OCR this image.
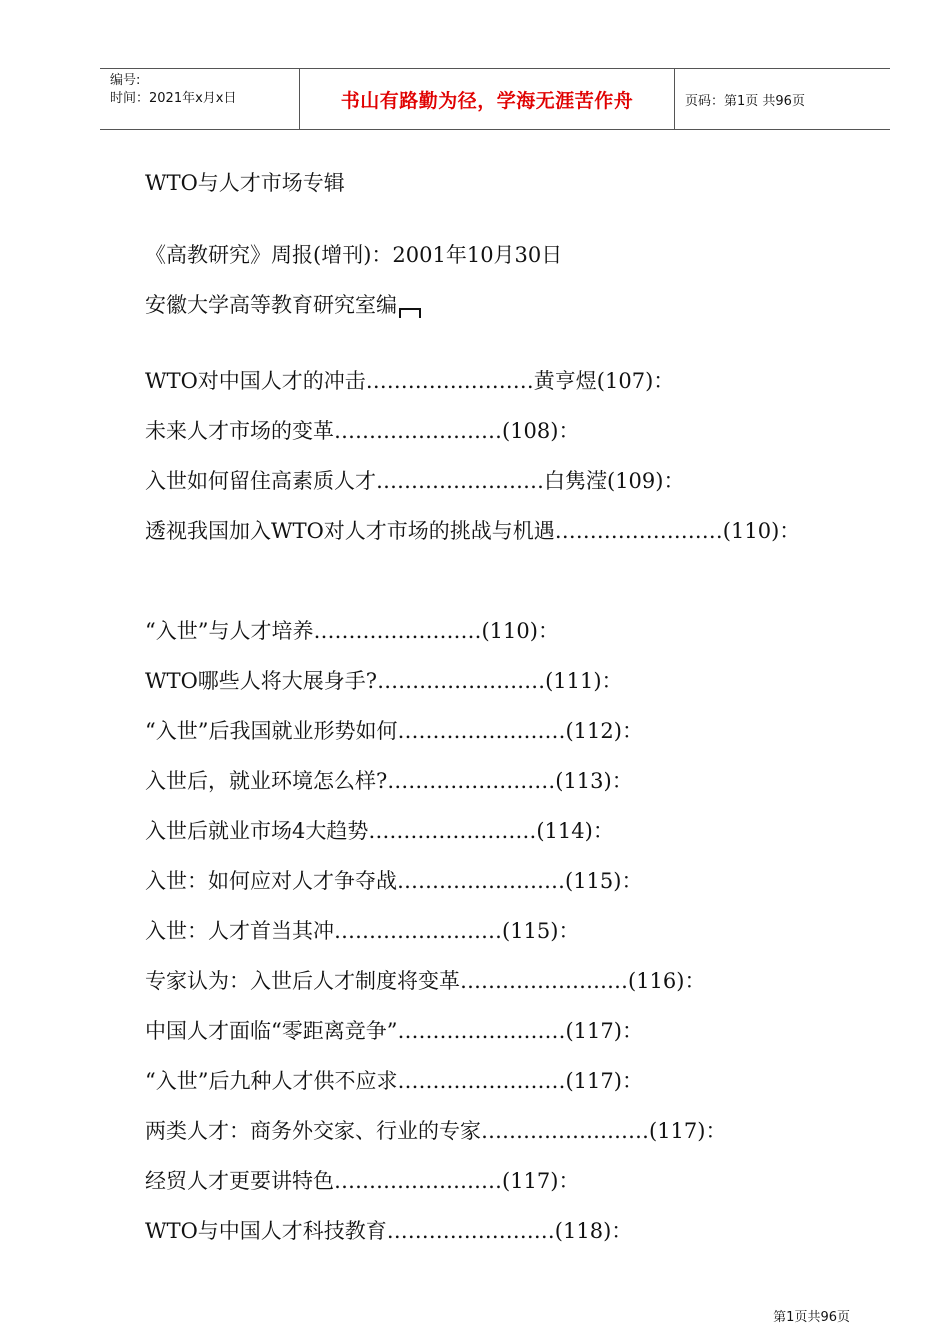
编号:
时间：2021年x月x日	书山有路勤为径，学海无涯苦作舟	页码：第1页 共96页
WTO与人才市场专辑
《高教研究》周报(增刊)：2001年10月30日
安徽大学高等教育研究室编
WTO对中国人才的冲击……………………黄亨煜(107)：
未来人才市场的变革……………………(108)：
入世如何留住高素质人才……………………白隽滢(109)：
透视我国加入WTO对人才市场的挑战与机遇……………………(110)：
“入世”与人才培养……………………(110)：
WTO哪些人将大展身手?……………………(111)：
“入世”后我国就业形势如何……………………(112)：
入世后，就业环境怎么样?……………………(113)：
入世后就业市场4大趋势……………………(114)：
入世：如何应对人才争夺战……………………(115)：
入世：人才首当其冲……………………(115)：
专家认为：入世后人才制度将变革……………………(116)：
中国人才面临“零距离竞争”……………………(117)：
“入世”后九种人才供不应求……………………(117)：
两类人才：商务外交家、行业的专家……………………(117)：
经贸人才更要讲特色……………………(117)：
WTO与中国人才科技教育……………………(118)：
第1页共96页
